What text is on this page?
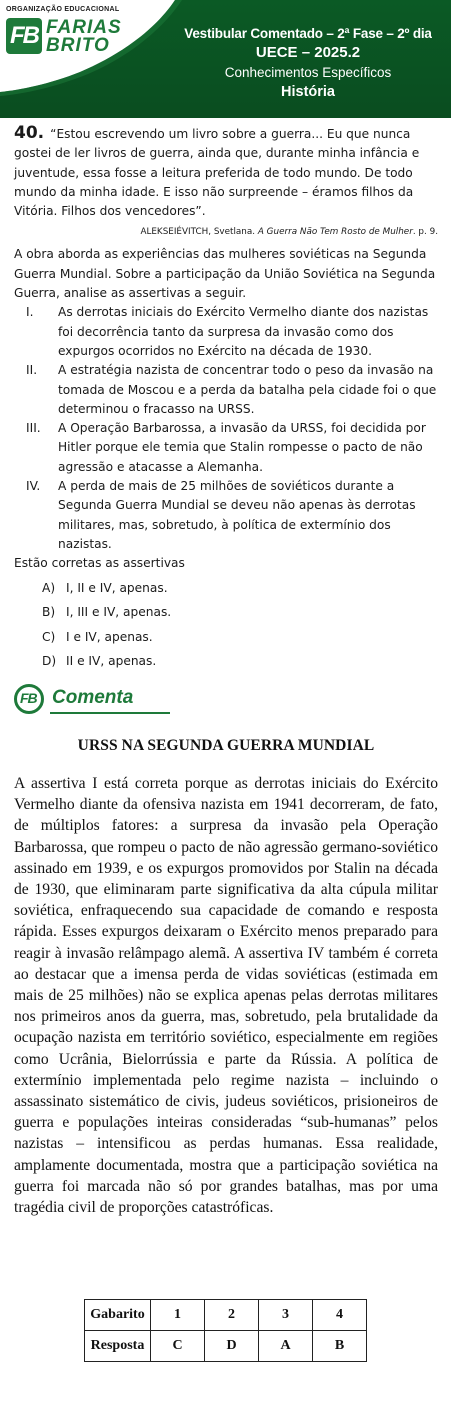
ORGANIZAÇÃO EDUCACIONAL
FB FARIAS
BRITO
Vestibular Comentado – 2ª Fase – 2º dia
UECE – 2025.2
Conhecimentos Específicos
História

40. “Estou escrevendo um livro sobre a guerra... Eu que nunca gostei de ler livros de guerra, ainda que, durante minha infância e juventude, essa fosse a leitura preferida de todo mundo. De todo mundo da minha idade. E isso não surpreende – éramos filhos da Vitória. Filhos dos vencedores”.

ALEKSEIÉVITCH, Svetlana. A Guerra Não Tem Rosto de Mulher. p. 9.

A obra aborda as experiências das mulheres soviéticas na Segunda Guerra Mundial. Sobre a participação da União Soviética na Segunda Guerra, analise as assertivas a seguir.

I. As derrotas iniciais do Exército Vermelho diante dos nazistas foi decorrência tanto da surpresa da invasão como dos expurgos ocorridos no Exército na década de 1930.
II. A estratégia nazista de concentrar todo o peso da invasão na tomada de Moscou e a perda da batalha pela cidade foi o que determinou o fracasso na URSS.
III. A Operação Barbarossa, a invasão da URSS, foi decidida por Hitler porque ele temia que Stalin rompesse o pacto de não agressão e atacasse a Alemanha.
IV. A perda de mais de 25 milhões de soviéticos durante a Segunda Guerra Mundial se deveu não apenas às derrotas militares, mas, sobretudo, à política de extermínio dos nazistas.

Estão corretas as assertivas

A) I, II e IV, apenas.
B) I, III e IV, apenas.
C) I e IV, apenas.
D) II e IV, apenas.
FB Comenta
URSS NA SEGUNDA GUERRA MUNDIAL

A assertiva I está correta porque as derrotas iniciais do Exército Vermelho diante da ofensiva nazista em 1941 decorreram, de fato, de múltiplos fatores: a surpresa da invasão pela Operação Barbarossa, que rompeu o pacto de não agressão germano-soviético assinado em 1939, e os expurgos promovidos por Stalin na década de 1930, que eliminaram parte significativa da alta cúpula militar soviética, enfraquecendo sua capacidade de comando e resposta rápida. Esses expurgos deixaram o Exército menos preparado para reagir à invasão relâmpago alemã. A assertiva IV também é correta ao destacar que a imensa perda de vidas soviéticas (estimada em mais de 25 milhões) não se explica apenas pelas derrotas militares nos primeiros anos da guerra, mas, sobretudo, pela brutalidade da ocupação nazista em território soviético, especialmente em regiões como Ucrânia, Bielorrússia e parte da Rússia. A política de extermínio implementada pelo regime nazista – incluindo o assassinato sistemático de civis, judeus soviéticos, prisioneiros de guerra e populações inteiras consideradas “sub-humanas” pelos nazistas – intensificou as perdas humanas. Essa realidade, amplamente documentada, mostra que a participação soviética na guerra foi marcada não só por grandes batalhas, mas por uma tragédia civil de proporções catastróficas.

Gabarito	1	2	3	4
Resposta	C	D	A	B
